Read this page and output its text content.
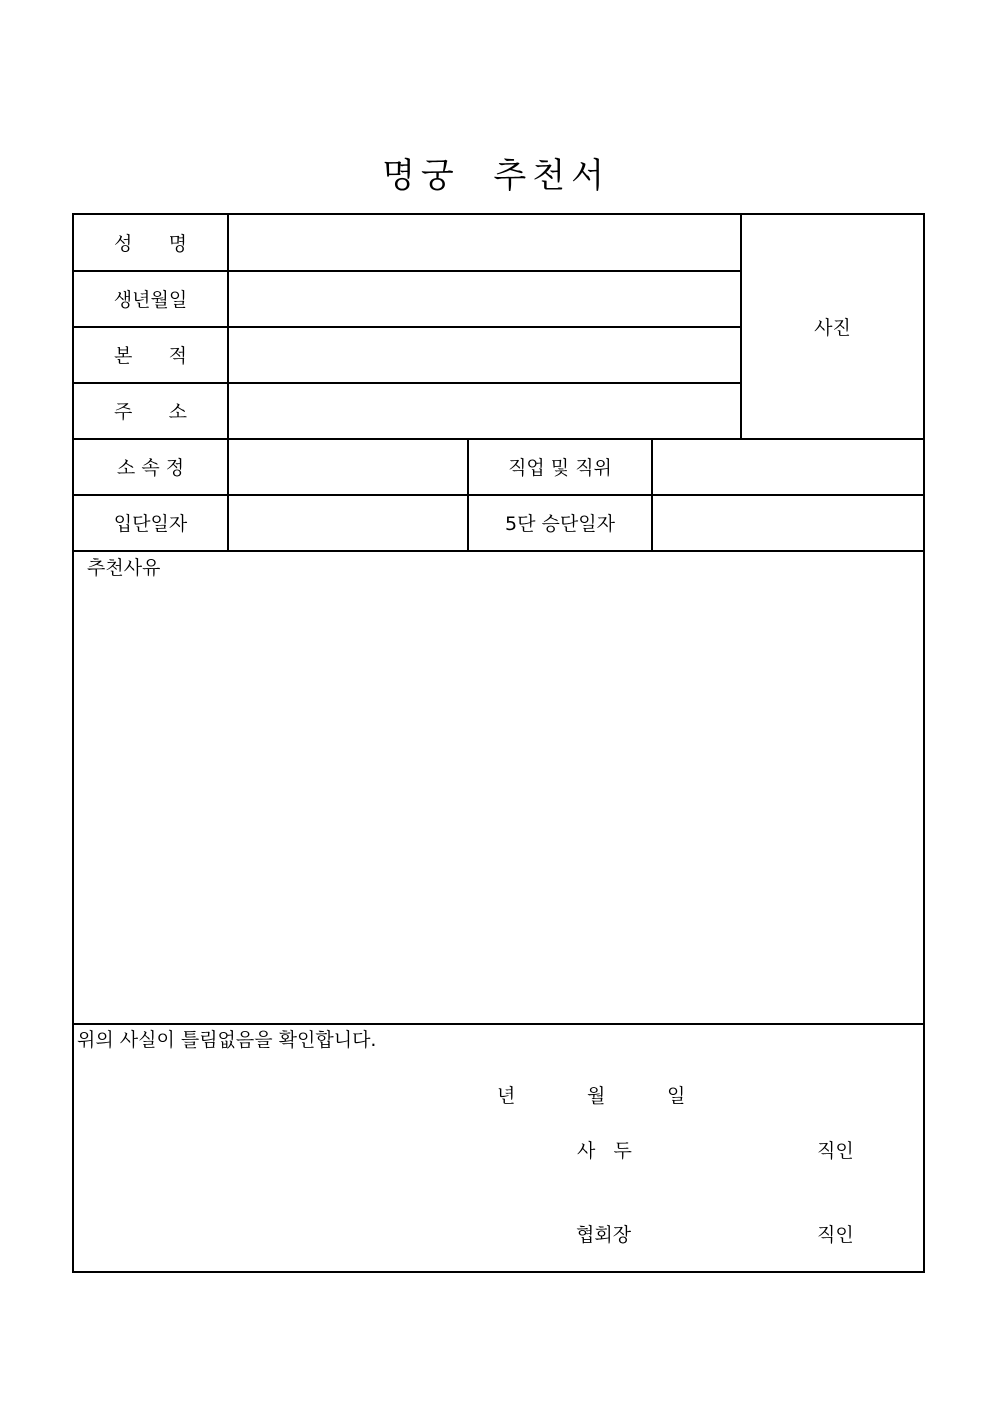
명궁  추천서
성      명
생년월일
본      적
주      소
사진
소 속 정	직업 및 직위
입단일자	5단 승단일자
추천사유
위의 사실이 틀림없음을 확인합니다.
년	월	일
사   두	직인
협회장	직인
